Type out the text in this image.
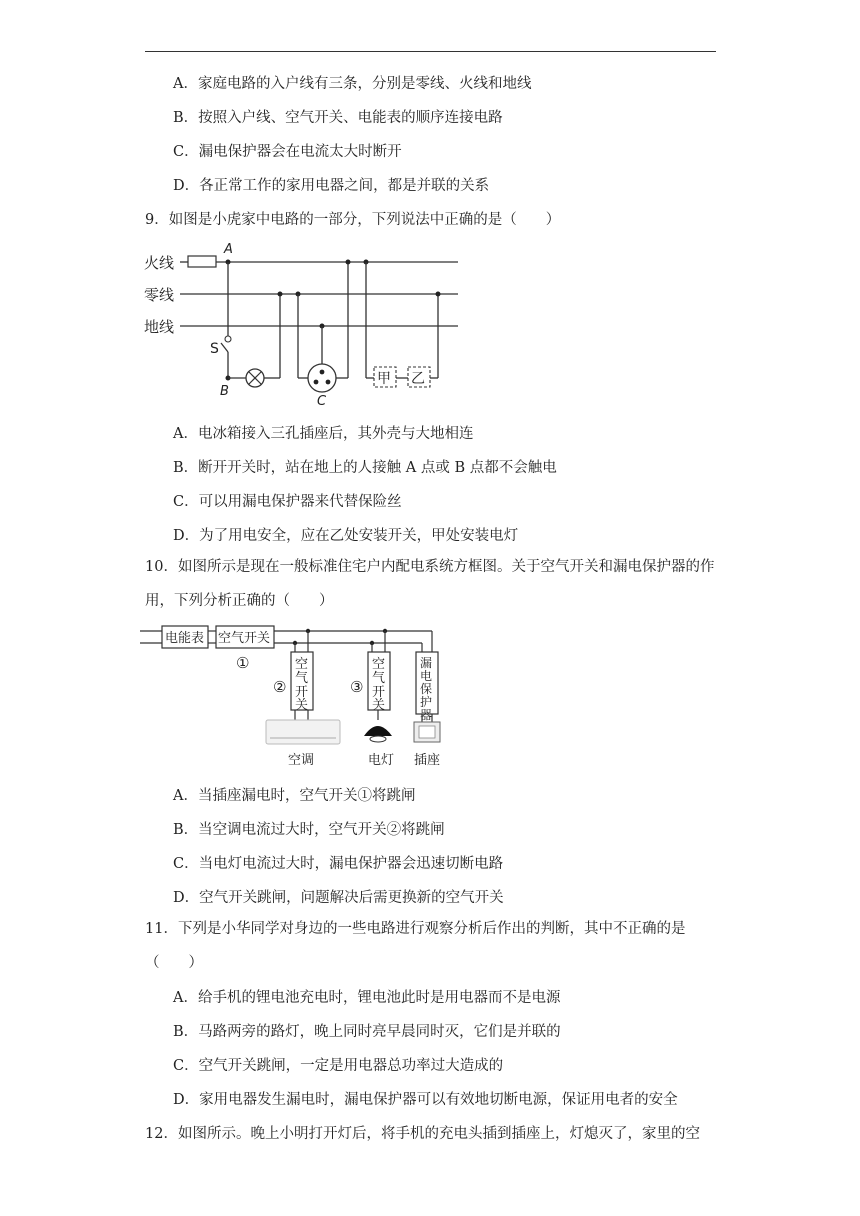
A．家庭电路的入户线有三条，分别是零线、火线和地线
B．按照入户线、空气开关、电能表的顺序连接电路
C．漏电保护器会在电流太大时断开
D．各正常工作的家用电器之间，都是并联的关系
9．如图是小虎家中电路的一部分，下列说法中正确的是（　　）
火线
零线
地线
A
S
B
C
甲 乙
A．电冰箱接入三孔插座后，其外壳与大地相连
B．断开开关时，站在地上的人接触 A 点或 B 点都不会触电
C．可以用漏电保护器来代替保险丝
D．为了用电安全，应在乙处安装开关，甲处安装电灯
10．如图所示是现在一般标准住宅户内配电系统方框图。关于空气开关和漏电保护器的作用，下列分析正确的（　　）
电能表 空气开关
①	空
气
开
关
②
空调
空
气
开
关
③
电灯
漏
电
保
护
器
插座
A．当插座漏电时，空气开关①将跳闸
B．当空调电流过大时，空气开关②将跳闸
C．当电灯电流过大时，漏电保护器会迅速切断电路
D．空气开关跳闸，问题解决后需更换新的空气开关
11．下列是小华同学对身边的一些电路进行观察分析后作出的判断，其中不正确的是（　　）
A．给手机的锂电池充电时，锂电池此时是用电器而不是电源
B．马路两旁的路灯，晚上同时亮早晨同时灭，它们是并联的
C．空气开关跳闸，一定是用电器总功率过大造成的
D．家用电器发生漏电时，漏电保护器可以有效地切断电源，保证用电者的安全
12．如图所示。晚上小明打开灯后，将手机的充电头插到插座上，灯熄灭了，家里的空
